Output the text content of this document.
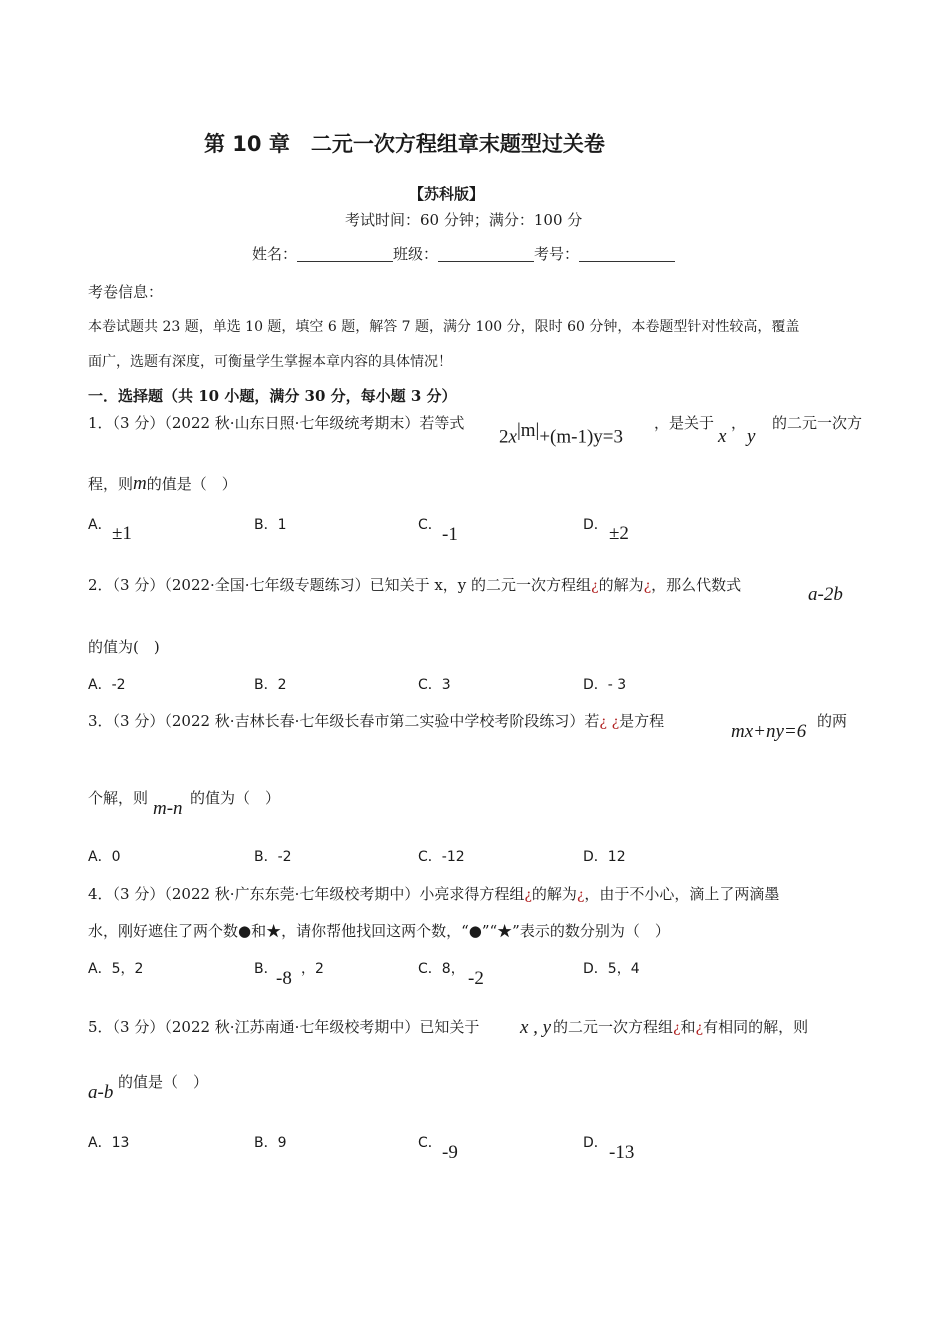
第 10 章　二元一次方程组章末题型过关卷
【苏科版】
考试时间：60 分钟；满分：100 分
姓名：	班级：	考号：
考卷信息：
本卷试题共 23 题，单选 10 题，填空 6 题，解答 7 题，满分 100 分，限时 60 分钟，本卷题型针对性较高，覆盖
面广，选题有深度，可衡量学生掌握本章内容的具体情况！
一．选择题（共 10 小题，满分 30 分，每小题 3 分）
1．（3 分）（2022 秋·山东日照·七年级统考期末）若等式
$2x^{|m|}+(m-1)y=3$
，是关于
x
，
y
的二元一次方
程，则m的值是（　）
A． ±1	B．1	C． -1	D． ±2
2．（3 分）（2022·全国·七年级专题练习）已知关于 x，y 的二元一次方程组¿的解为¿，那么代数式	a-2b
的值为(　)
A．-2	B．2	C．3	D．- 3
3．（3 分）（2022 秋·吉林长春·七年级长春市第二实验中学校考阶段练习）若¿ ¿是方程	mx+ny=6 的两
个解，则 m-n 的值为（　）
A．0	B．-2	C．-12	D．12
4．（3 分）（2022 秋·广东东莞·七年级校考期中）小亮求得方程组¿的解为¿，由于不小心，滴上了两滴墨
水，刚好遮住了两个数●和★，请你帮他找回这两个数，“●”“★”表示的数分别为（　）
A．5，2	B．
-8 ，2	C．8， -2	D．5，4
5．（3 分）（2022 秋·江苏南通·七年级校考期中）已知关于 x , y 的二元一次方程组¿和¿有相同的解，则
a-b 的值是（　）
A．13	B．9	C． -9	D． -13
